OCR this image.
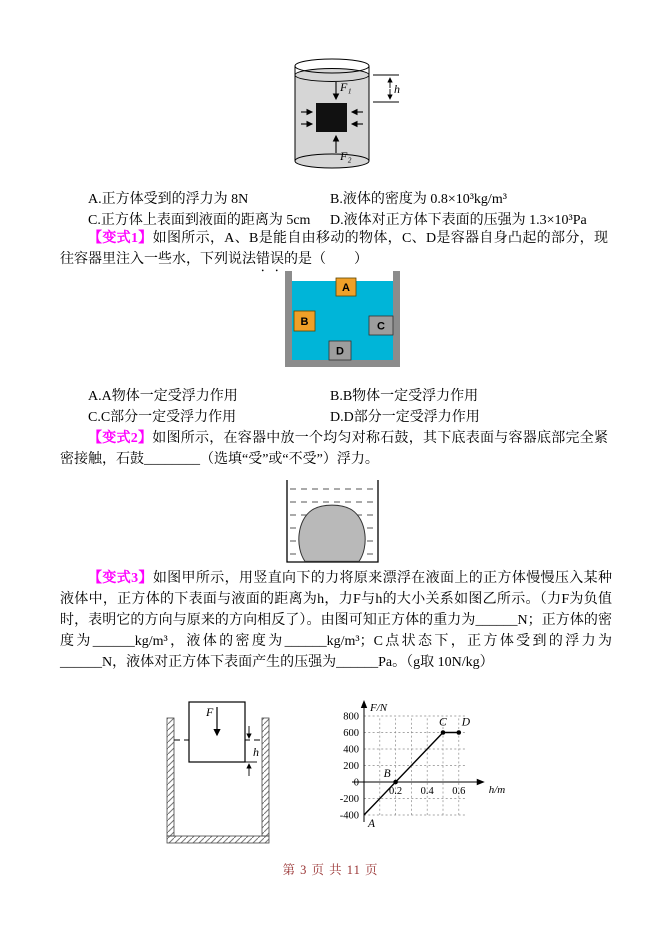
F₁
F₂
h
A.正方体受到的浮力为 8N	B.液体的密度为 0.8×10³kg/m³
C.正方体上表面到液面的距离为 5cm D.液体对正方体下表面的压强为 1.3×10³Pa
【变式1】如图所示，A、B是能自由移动的物体，C、D是容器自身凸起的部分，现往容器里注入一些水，下列说法错误的是（　　）
A
B	C
D
A.A物体一定受浮力作用	B.B物体一定受浮力作用
C.C部分一定受浮力作用	D.D部分一定受浮力作用
【变式2】如图所示，在容器中放一个均匀对称石鼓，其下底表面与容器底部完全紧密接触，石鼓________（选填“受”或“不受”）浮力。
【变式3】如图甲所示，用竖直向下的力将原来漂浮在液面上的正方体慢慢压入某种液体中，正方体的下表面与液面的距离为h，力F与h的大小关系如图乙所示。（力F为负值时，表明它的方向与原来的方向相反了）。由图可知正方体的重力为______N；正方体的密度为______kg/m³，液体的密度为______kg/m³；C点状态下，正方体受到的浮力为______N，液体对正方体下表面产生的压强为______Pa。（g取 10N/kg）
F
h
F/N
h/m
800
600
400
200
0
-200
-400
0.2 0.4 0.6
A
B
C D
第 3 页 共 11 页
